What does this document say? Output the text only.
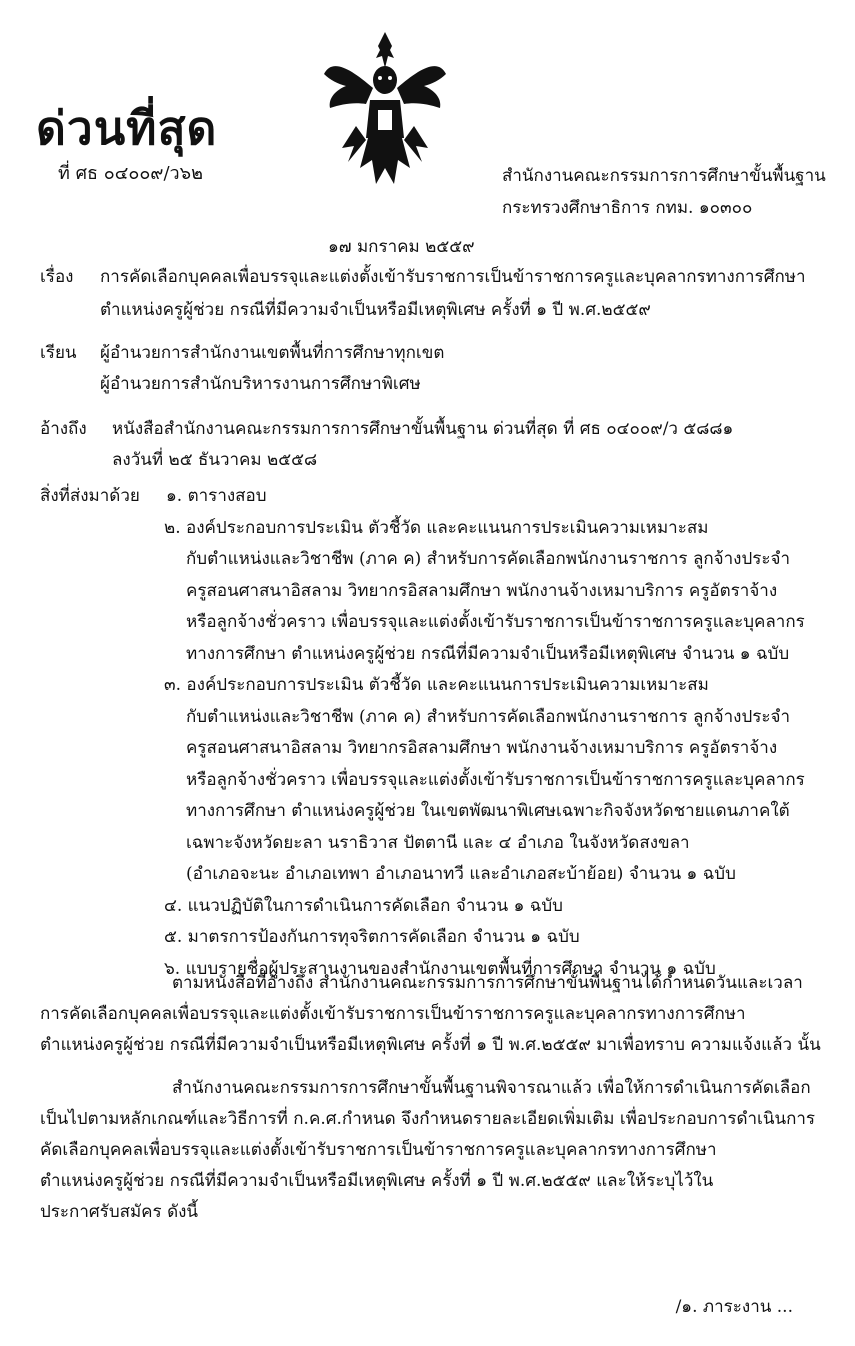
ด่วนที่สุด
ที่ ศธ ๐๔๐๐๙/ว๖๒	สำนักงานคณะกรรมการการศึกษาขั้นพื้นฐาน
กระทรวงศึกษาธิการ กทม. ๑๐๓๐๐
๑๗ มกราคม ๒๕๕๙
เรื่อง การคัดเลือกบุคคลเพื่อบรรจุและแต่งตั้งเข้ารับราชการเป็นข้าราชการครูและบุคลากรทางการศึกษา
ตำแหน่งครูผู้ช่วย กรณีที่มีความจำเป็นหรือมีเหตุพิเศษ ครั้งที่ ๑ ปี พ.ศ.๒๕๕๙
เรียน ผู้อำนวยการสำนักงานเขตพื้นที่การศึกษาทุกเขต
ผู้อำนวยการสำนักบริหารงานการศึกษาพิเศษ
อ้างถึง หนังสือสำนักงานคณะกรรมการการศึกษาขั้นพื้นฐาน ด่วนที่สุด ที่ ศธ ๐๔๐๐๙/ว ๕๘๘๑
ลงวันที่ ๒๕ ธันวาคม ๒๕๕๘
สิ่งที่ส่งมาด้วย ๑. ตารางสอบ
๒. องค์ประกอบการประเมิน ตัวชี้วัด และคะแนนการประเมินความเหมาะสม
กับตำแหน่งและวิชาชีพ (ภาค ค) สำหรับการคัดเลือกพนักงานราชการ ลูกจ้างประจำ
ครูสอนศาสนาอิสลาม วิทยากรอิสลามศึกษา พนักงานจ้างเหมาบริการ ครูอัตราจ้าง
หรือลูกจ้างชั่วคราว เพื่อบรรจุและแต่งตั้งเข้ารับราชการเป็นข้าราชการครูและบุคลากร
ทางการศึกษา ตำแหน่งครูผู้ช่วย กรณีที่มีความจำเป็นหรือมีเหตุพิเศษ จำนวน ๑ ฉบับ
๓. องค์ประกอบการประเมิน ตัวชี้วัด และคะแนนการประเมินความเหมาะสม
กับตำแหน่งและวิชาชีพ (ภาค ค) สำหรับการคัดเลือกพนักงานราชการ ลูกจ้างประจำ
ครูสอนศาสนาอิสลาม วิทยากรอิสลามศึกษา พนักงานจ้างเหมาบริการ ครูอัตราจ้าง
หรือลูกจ้างชั่วคราว เพื่อบรรจุและแต่งตั้งเข้ารับราชการเป็นข้าราชการครูและบุคลากร
ทางการศึกษา ตำแหน่งครูผู้ช่วย ในเขตพัฒนาพิเศษเฉพาะกิจจังหวัดชายแดนภาคใต้
เฉพาะจังหวัดยะลา นราธิวาส ปัตตานี และ ๔ อำเภอ ในจังหวัดสงขลา
(อำเภอจะนะ อำเภอเทพา อำเภอนาทวี และอำเภอสะบ้าย้อย) จำนวน ๑ ฉบับ
๔. แนวปฏิบัติในการดำเนินการคัดเลือก จำนวน ๑ ฉบับ
๕. มาตรการป้องกันการทุจริตการคัดเลือก จำนวน ๑ ฉบับ
๖. แบบรายชื่อผู้ประสานงานของสำนักงานเขตพื้นที่การศึกษา จำนวน ๑ ฉบับ
ตามหนังสือที่อ้างถึง สำนักงานคณะกรรมการการศึกษาขั้นพื้นฐานได้กำหนดวันและเวลา
การคัดเลือกบุคคลเพื่อบรรจุและแต่งตั้งเข้ารับราชการเป็นข้าราชการครูและบุคลากรทางการศึกษา
ตำแหน่งครูผู้ช่วย กรณีที่มีความจำเป็นหรือมีเหตุพิเศษ ครั้งที่ ๑ ปี พ.ศ.๒๕๕๙ มาเพื่อทราบ ความแจ้งแล้ว นั้น
สำนักงานคณะกรรมการการศึกษาขั้นพื้นฐานพิจารณาแล้ว เพื่อให้การดำเนินการคัดเลือก
เป็นไปตามหลักเกณฑ์และวิธีการที่ ก.ค.ศ.กำหนด จึงกำหนดรายละเอียดเพิ่มเติม เพื่อประกอบการดำเนินการ
คัดเลือกบุคคลเพื่อบรรจุและแต่งตั้งเข้ารับราชการเป็นข้าราชการครูและบุคลากรทางการศึกษา
ตำแหน่งครูผู้ช่วย กรณีที่มีความจำเป็นหรือมีเหตุพิเศษ ครั้งที่ ๑ ปี พ.ศ.๒๕๕๙ และให้ระบุไว้ใน
ประกาศรับสมัคร ดังนี้
/๑. ภาระงาน ...
